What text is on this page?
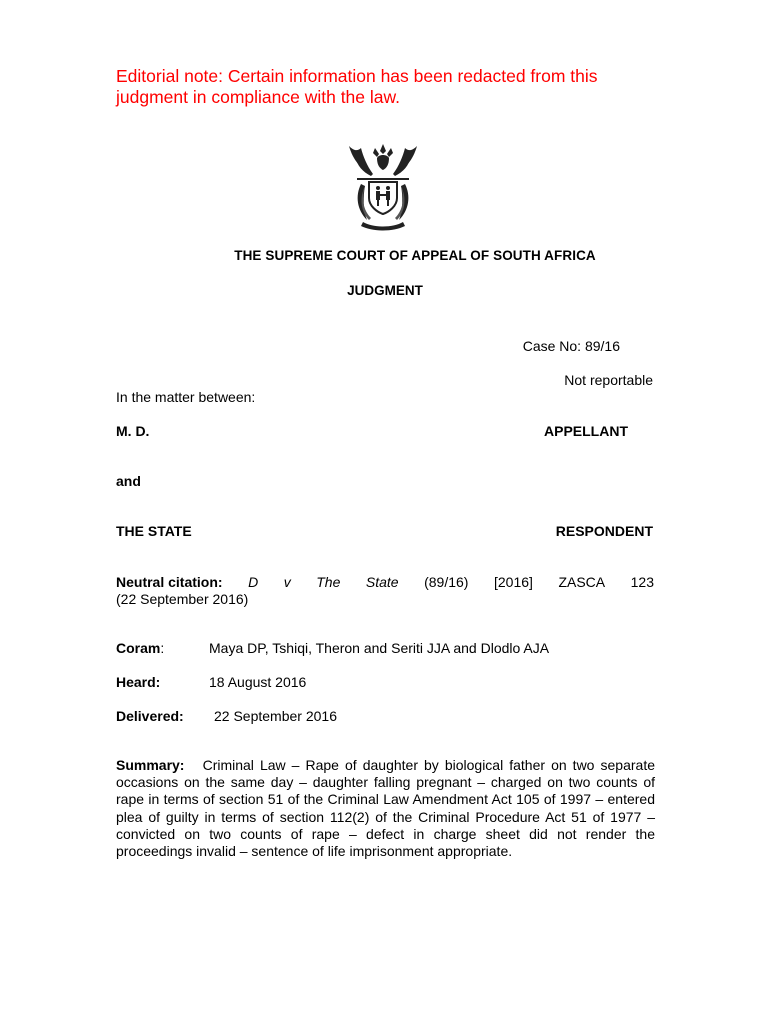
Editorial note: Certain information has been redacted from this judgment in compliance with the law.
THE SUPREME COURT OF APPEAL OF SOUTH AFRICA
JUDGMENT
Case No: 89/16
Not reportable
In the matter between:
M. D.	APPELLANT
and
THE STATE	RESPONDENT
Neutral citation: D v The State (89/16) [2016] ZASCA 123
(22 September 2016)
Coram:	Maya DP, Tshiqi, Theron and Seriti JJA and Dlodlo AJA
Heard:	18 August 2016
Delivered: 22 September 2016
Summary: Criminal Law – Rape of daughter by biological father on two separate occasions on the same day – daughter falling pregnant – charged on two counts of rape in terms of section 51 of the Criminal Law Amendment Act 105 of 1997 – entered plea of guilty in terms of section 112(2) of the Criminal Procedure Act 51 of 1977 – convicted on two counts of rape – defect in charge sheet did not render the proceedings invalid – sentence of life imprisonment appropriate.
